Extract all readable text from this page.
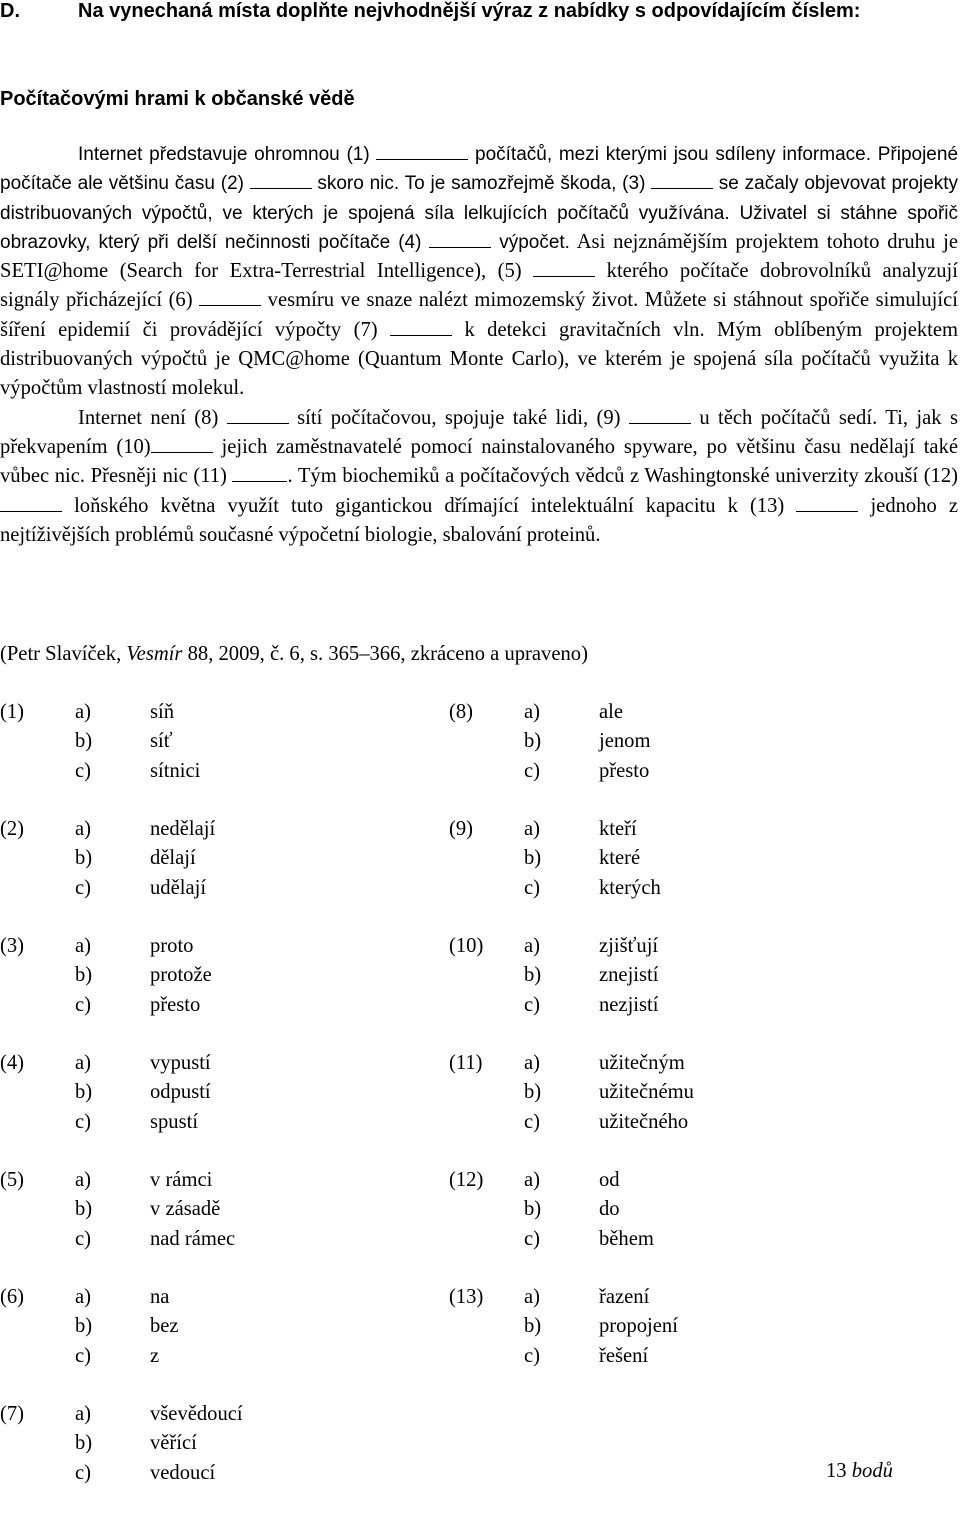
D.	Na vynechaná místa doplňte nejvhodnější výraz z nabídky s odpovídajícím číslem:
Počítačovými hrami k občanské vědě

Internet představuje ohromnou (1)	počítačů, mezi kterými jsou sdíleny informace. Připojené počítače ale většinu času (2)	skoro nic. To je samozřejmě škoda, (3)	se začaly objevovat projekty distribuovaných výpočtů, ve kterých je spojená síla lelkujících počítačů využívána. Uživatel si stáhne spořič obrazovky, který při delší nečinnosti počítače (4)	výpočet. Asi nejznámějším projektem tohoto druhu je SETI@home (Search for Extra-Terrestrial Intelligence), (5)	kterého počítače dobrovolníků analyzují signály přicházející (6)	vesmíru ve snaze nalézt mimozemský život. Můžete si stáhnout spořiče simulující šíření epidemií či provádějící výpočty (7)	k detekci gravitačních vln. Mým oblíbeným projektem distribuovaných výpočtů je QMC@home (Quantum Monte Carlo), ve kterém je spojená síla počítačů využita k výpočtům vlastností molekul.

Internet není (8)	sítí počítačovou, spojuje také lidi, (9)	u těch počítačů sedí. Ti, jak s překvapením (10)	jejich zaměstnavatelé pomocí nainstalovaného spyware, po většinu času nedělají také vůbec nic. Přesněji nic (11)	. Tým biochemiků a počítačových vědců z Washingtonské univerzity zkouší (12)  loňského května využít tuto gigantickou dřímající intelektuální kapacitu k (13)	jednoho z nejtíživějších problémů současné výpočetní biologie, sbalování proteinů.

(Petr Slavíček, Vesmír 88, 2009, č. 6, s. 365–366, zkráceno a upraveno)
(1) a)	síň
b)	síť
c)	sítnici
(2) a)	nedělají
b)	dělají
c)	udělají
(3) a)	proto
b)	protože
c)	přesto
(4) a)	vypustí
b)	odpustí
c)	spustí
(5) a)	v rámci
b)	v zásadě
c)	nad rámec
(6) a)	na
b)	bez
c)	z
(7) a)	vševědoucí
b)	věřící
c)	vedoucí
(8) a)	ale
b)	jenom
c)	přesto
(9) a)	kteří
b)	které
c)	kterých
(10) a)	zjišťují
b)	znejistí
c)	nezjistí
(11) a)	užitečným
b)	užitečnému
c)	užitečného
(12) a)	od
b)	do
c)	během
(13) a)	řazení
b)	propojení
c)	řešení
13 bodů
